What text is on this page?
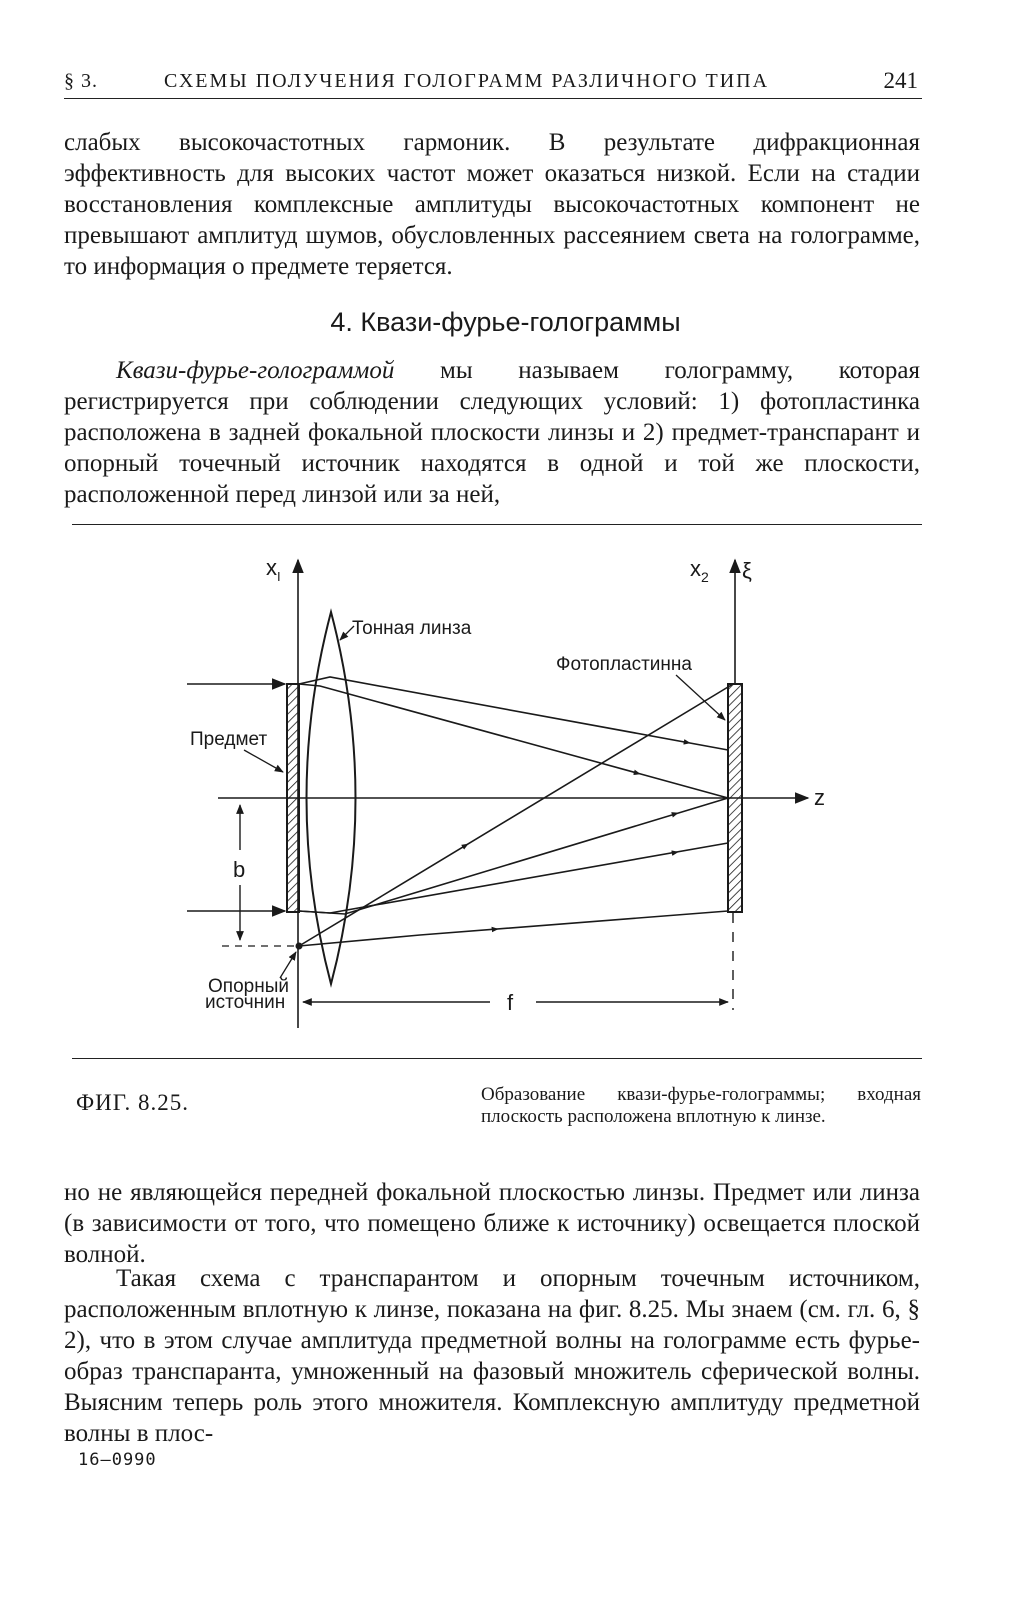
§ 3.	СХЕМЫ ПОЛУЧЕНИЯ ГОЛОГРАММ РАЗЛИЧНОГО ТИПА	241

слабых высокочастотных гармоник. В результате дифракционная эффективность для высоких частот может оказаться низкой. Если на стадии восстановления комплексные амплитуды высокочастотных компонент не превышают амплитуд шумов, обусловленных рассеянием света на голограмме, то информация о предмете теряется.

4. Квази-фурье-голограммы

Квази-фурье-голограммой мы называем голограмму, которая регистрируется при соблюдении следующих условий: 1) фотопластинка расположена в задней фокальной плоскости линзы и 2) предмет-транспарант и опорный точечный источник находятся в одной и той же плоскости, расположенной перед линзой или за ней,

z
$x_I$	$x_2$ ξ
b
f
Тонная линза
Фотопластинна
Предмет
Опорный
источнин
ФИГ. 8.25.	Образование квази-фурье-голограммы; входная плоскость расположена вплотную к линзе.

но не являющейся передней фокальной плоскостью линзы. Предмет или линза (в зависимости от того, что помещено ближе к источнику) освещается плоской волной.

Такая схема с транспарантом и опорным точечным источником, расположенным вплотную к линзе, показана на фиг. 8.25. Мы знаем (см. гл. 6, § 2), что в этом случае амплитуда предметной волны на голограмме есть фурье-образ транспаранта, умноженный на фазовый множитель сферической волны. Выясним теперь роль этого множителя. Комплексную амплитуду предметной волны в плос-

16—0990
